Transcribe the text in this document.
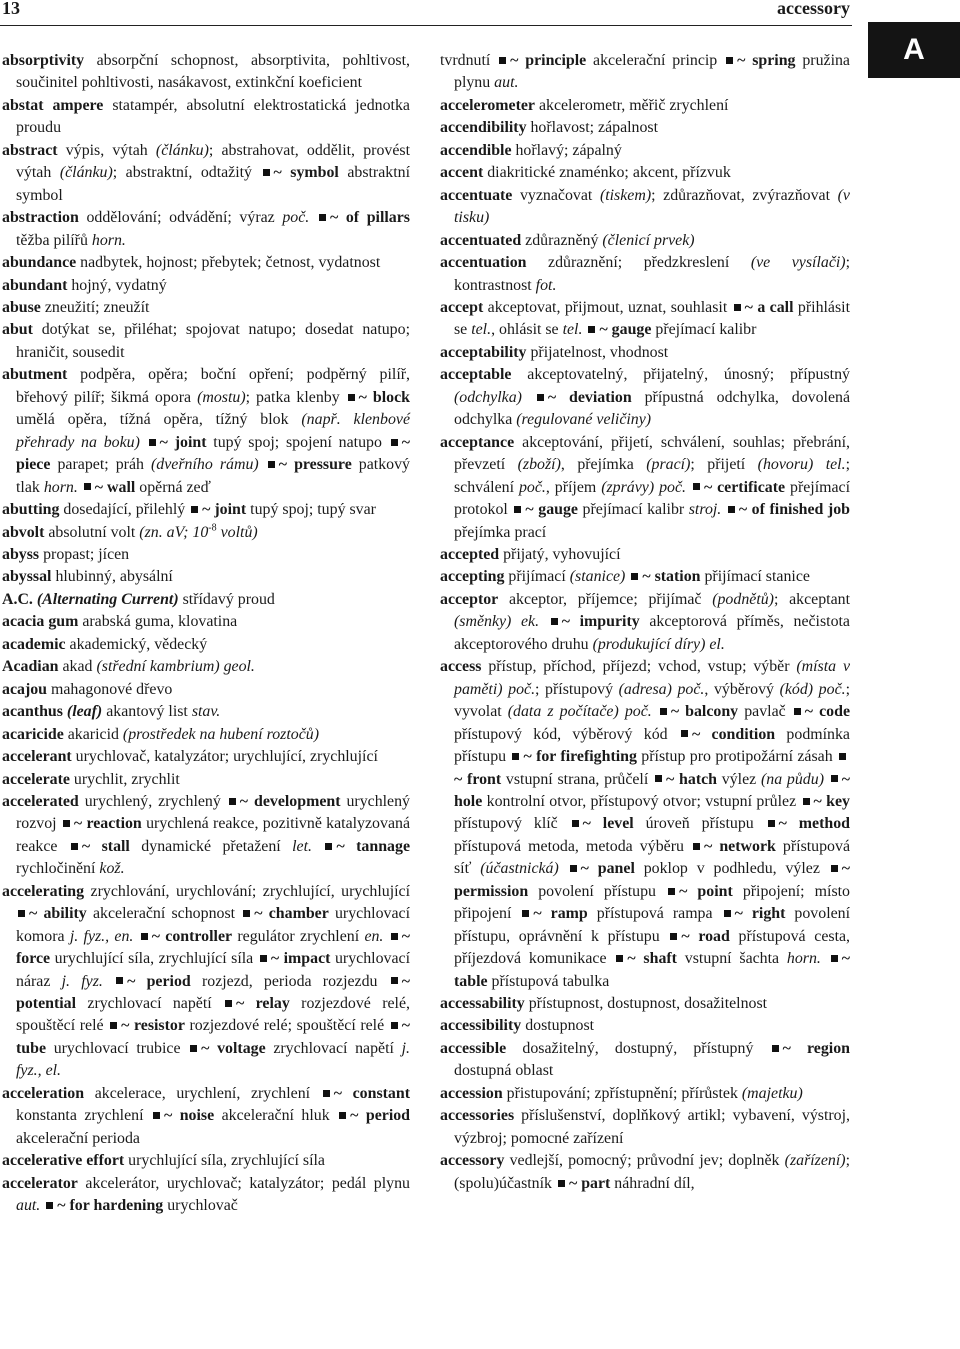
13	accessory
A

absorptivity absorpční schopnost, absorptivita, pohltivost, součinitel pohltivosti, nasákavost, extinkční koeficient

abstat ampere statampér, absolutní elektrostatická jednotka proudu

abstract výpis, výtah (článku); abstrahovat, oddělit, provést výtah (článku); abstraktní, odtažitý ~ symbol abstraktní symbol

abstraction oddělování; odvádění; výraz poč. ~ of pillars těžba pilířů horn.

abundance nadbytek, hojnost; přebytek; četnost, vydatnost

abundant hojný, vydatný

abuse zneužití; zneužít

abut dotýkat se, přiléhat; spojovat natupo; dosedat natupo; hraničit, sousedit

abutment podpěra, opěra; boční opření; podpěrný pilíř, břehový pilíř; šikmá opora (mostu); patka klenby ~ block umělá opěra, tížná opěra, tížný blok (např. klenbové přehrady na boku) ~ joint tupý spoj; spojení natupo ~ piece parapet; práh (dveřního rámu) ~ pressure patkový tlak horn. ~ wall opěrná zeď

abutting dosedající, přilehlý ~ joint tupý spoj; tupý svar

abvolt absolutní volt (zn. aV; $10^{-8}$ voltů)

abyss propast; jícen

abyssal hlubinný, abysální

A.C. (Alternating Current) střídavý proud

acacia gum arabská guma, klovatina

academic akademický, vědecký

Acadian akad (střední kambrium) geol.

acajou mahagonové dřevo

acanthus (leaf) akantový list stav.

acaricide akaricid (prostředek na hubení roztočů)

accelerant urychlovač, katalyzátor; urychlující, zrychlující

accelerate urychlit, zrychlit

accelerated urychlený, zrychlený ~ development urychlený rozvoj ~ reaction urychlená reakce, pozitivně katalyzovaná reakce ~ stall dynamické přetažení let. ~ tannage rychločinění kož.

accelerating zrychlování, urychlování; zrychlující, urychlující ~ ability akcelerační schopnost ~ chamber urychlovací komora j. fyz., en. ~ controller regulátor zrychlení en. ~ force urychlující síla, zrychlující síla ~ impact urychlovací náraz j. fyz. ~ period rozjezd, perioda rozjezdu ~ potential zrychlovací napětí ~ relay rozjezdové relé, spouštěcí relé ~ resistor rozjezdové relé; spouštěcí relé ~ tube urychlovací trubice ~ voltage zrychlovací napětí j. fyz., el.

acceleration akcelerace, urychlení, zrychlení ~ constant konstanta zrychlení ~ noise akcelerační hluk ~ period akcelerační perioda

accelerative effort urychlující síla, zrychlující síla

accelerator akcelerátor, urychlovač; katalyzátor; pedál plynu aut. ~ for hardening urychlovač

tvrdnutí ~ principle akcelerační princip ~ spring pružina plynu aut.

accelerometer akcelerometr, měřič zrychlení

accendibility hořlavost; zápalnost

accendible hořlavý; zápalný

accent diakritické znaménko; akcent, přízvuk

accentuate vyznačovat (tiskem); zdůrazňovat, zvýrazňovat (v tisku)

accentuated zdůrazněný (členicí prvek)

accentuation zdůraznění; předzkreslení (ve vysílači); kontrastnost fot.

accept akceptovat, přijmout, uznat, souhlasit ~ a call přihlásit se tel., ohlásit se tel. ~ gauge přejímací kalibr

acceptability přijatelnost, vhodnost

acceptable akceptovatelný, přijatelný, únosný; přípustný (odchylka) ~ deviation přípustná odchylka, dovolená odchylka (regulované veličiny)

acceptance akceptování, přijetí, schválení, souhlas; přebrání, převzetí (zboží), přejímka (prací); přijetí (hovoru) tel.; schválení poč., příjem (zprávy) poč. ~ certificate přejímací protokol ~ gauge přejímací kalibr stroj. ~ of finished job přejímka prací

accepted přijatý, vyhovující

accepting přijímací (stanice) ~ station přijímací stanice

acceptor akceptor, příjemce; přijímač (podnětů); akceptant (směnky) ek. ~ impurity akceptorová příměs, nečistota akceptorového druhu (produkující díry) el.

access přístup, příchod, příjezd; vchod, vstup; výběr (místa v paměti) poč.; přístupový (adresa) poč., výběrový (kód) poč.; vyvolat (data z počítače) poč. ~ balcony pavlač ~ code přístupový kód, výběrový kód ~ condition podmínka přístupu ~ for firefighting přístup pro protipožární zásah ~ front vstupní strana, průčelí ~ hatch výlez (na půdu) ~ hole kontrolní otvor, přístupový otvor; vstupní průlez ~ key přístupový klíč ~ level úroveň přístupu ~ method přístupová metoda, metoda výběru ~ network přístupová síť (účastnická) ~ panel poklop v podhledu, výlez ~ permission povolení přístupu ~ point připojení; místo připojení ~ ramp přístupová rampa ~ right povolení přístupu, oprávnění k přístupu ~ road přístupová cesta, příjezdová komunikace ~ shaft vstupní šachta horn. ~ table přístupová tabulka

accessability přístupnost, dostupnost, dosažitelnost

accessibility dostupnost

accessible dosažitelný, dostupný, přístupný ~ region dostupná oblast

accession přistupování; zpřístupnění; přírůstek (majetku)

accessories příslušenství, doplňkový artikl; vybavení, výstroj, výzbroj; pomocné zařízení

accessory vedlejší, pomocný; průvodní jev; doplněk (zařízení); (spolu)účastník ~ part náhradní díl,
